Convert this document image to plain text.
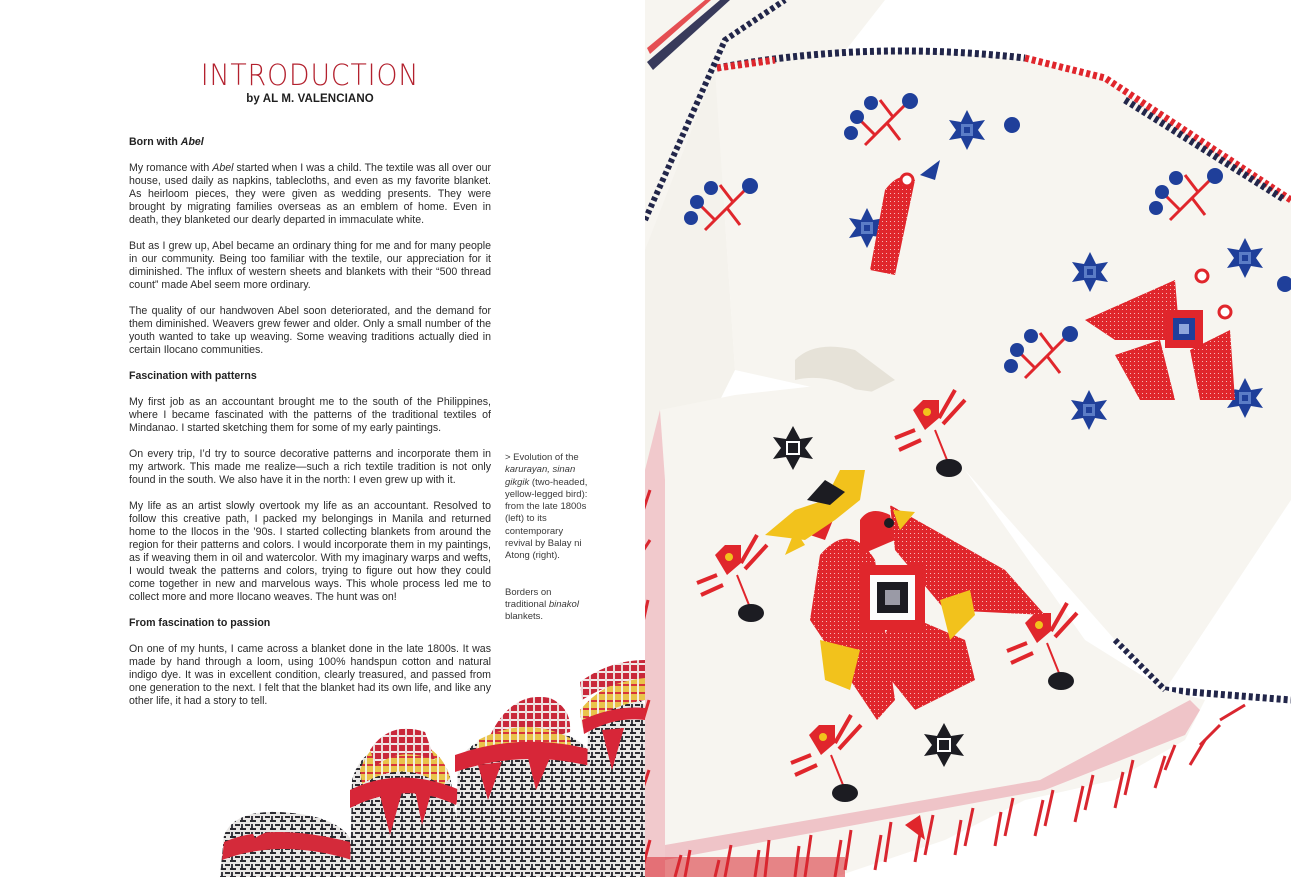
INTRODUCTION
by AL M. VALENCIANO
Born with Abel

My romance with Abel started when I was a child. The textile was all over our house, used daily as napkins, tablecloths, and even as my favorite blanket. As heirloom pieces, they were given as wedding presents. They were brought by migrating families overseas as an emblem of home. Even in death, they blanketed our dearly departed in immaculate white.

But as I grew up, Abel became an ordinary thing for me and for many people in our community. Being too familiar with the textile, our appreciation for it diminished. The influx of western sheets and blankets with their “500 thread count” made Abel seem more ordinary.

The quality of our handwoven Abel soon deteriorated, and the demand for them diminished. Weavers grew fewer and older. Only a small number of the youth wanted to take up weaving. Some weaving traditions actually died in certain Ilocano communities.

Fascination with patterns

My first job as an accountant brought me to the south of the Philippines, where I became fascinated with the patterns of the traditional textiles of Mindanao. I started sketching them for some of my early paintings.

On every trip, I’d try to source decorative patterns and incorporate them in my artwork. This made me realize—such a rich textile tradition is not only found in the south. We also have it in the north: I even grew up with it.

My life as an artist slowly overtook my life as an accountant. Resolved to follow this creative path, I packed my belongings in Manila and returned home to the Ilocos in the ’90s. I started collecting blankets from around the region for their patterns and colors. I would incorporate them in my paintings, as if weaving them in oil and watercolor. With my imaginary warps and wefts, I would tweak the patterns and colors, trying to figure out how they could come together in new and marvelous ways. This whole process led me to collect more and more Ilocano weaves. The hunt was on!

From fascination to passion

On one of my hunts, I came across a blanket done in the late 1800s. It was made by hand through a loom, using 100% handspun cotton and natural indigo dye. It was in excellent condition, clearly treasured, and passed from one generation to the next. I felt that the blanket had its own life, and like any other life, it had a story to tell.

> Evolution of the karurayan, sinan gikgik (two-headed, yellow-legged bird): from the late 1800s (left) to its contemporary revival by Balay ni Atong (right).

Borders on traditional binakol blankets.
